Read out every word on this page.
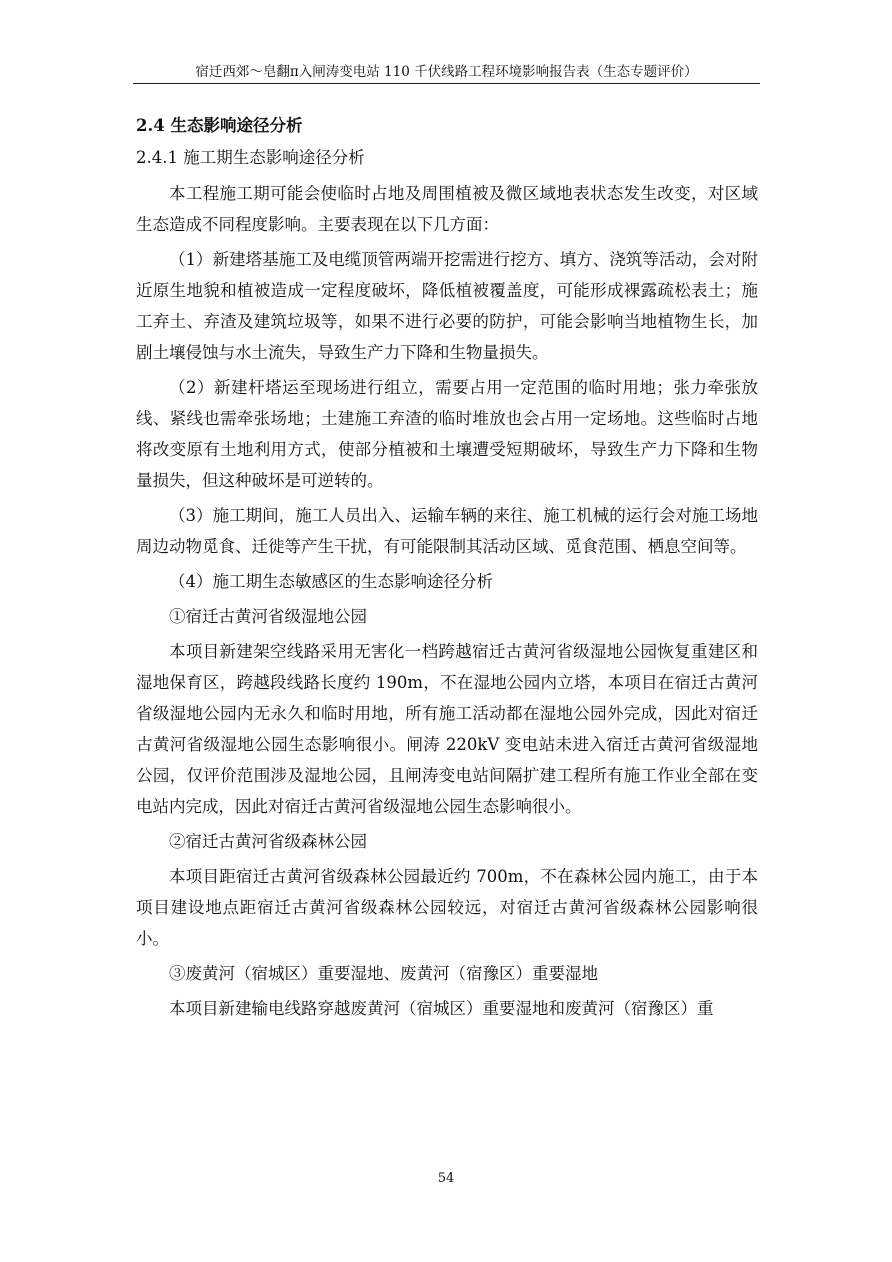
宿迁西郊～皂翻π入闸涛变电站 110 千伏线路工程环境影响报告表（生态专题评价）

2.4 生态影响途径分析

2.4.1 施工期生态影响途径分析

本工程施工期可能会使临时占地及周围植被及微区域地表状态发生改变，对区域生态造成不同程度影响。主要表现在以下几方面：

（1）新建塔基施工及电缆顶管两端开挖需进行挖方、填方、浇筑等活动，会对附近原生地貌和植被造成一定程度破坏，降低植被覆盖度，可能形成裸露疏松表土；施工弃土、弃渣及建筑垃圾等，如果不进行必要的防护，可能会影响当地植物生长，加剧土壤侵蚀与水土流失，导致生产力下降和生物量损失。

（2）新建杆塔运至现场进行组立，需要占用一定范围的临时用地；张力牵张放线、紧线也需牵张场地；土建施工弃渣的临时堆放也会占用一定场地。这些临时占地将改变原有土地利用方式，使部分植被和土壤遭受短期破坏，导致生产力下降和生物量损失，但这种破坏是可逆转的。

（3）施工期间，施工人员出入、运输车辆的来往、施工机械的运行会对施工场地周边动物觅食、迁徙等产生干扰，有可能限制其活动区域、觅食范围、栖息空间等。

（4）施工期生态敏感区的生态影响途径分析

①宿迁古黄河省级湿地公园

本项目新建架空线路采用无害化一档跨越宿迁古黄河省级湿地公园恢复重建区和湿地保育区，跨越段线路长度约 190m，不在湿地公园内立塔，本项目在宿迁古黄河省级湿地公园内无永久和临时用地，所有施工活动都在湿地公园外完成，因此对宿迁古黄河省级湿地公园生态影响很小。闸涛 220kV 变电站未进入宿迁古黄河省级湿地公园，仅评价范围涉及湿地公园，且闸涛变电站间隔扩建工程所有施工作业全部在变电站内完成，因此对宿迁古黄河省级湿地公园生态影响很小。

②宿迁古黄河省级森林公园

本项目距宿迁古黄河省级森林公园最近约 700m，不在森林公园内施工，由于本项目建设地点距宿迁古黄河省级森林公园较远，对宿迁古黄河省级森林公园影响很小。

③废黄河（宿城区）重要湿地、废黄河（宿豫区）重要湿地

本项目新建输电线路穿越废黄河（宿城区）重要湿地和废黄河（宿豫区）重

54
